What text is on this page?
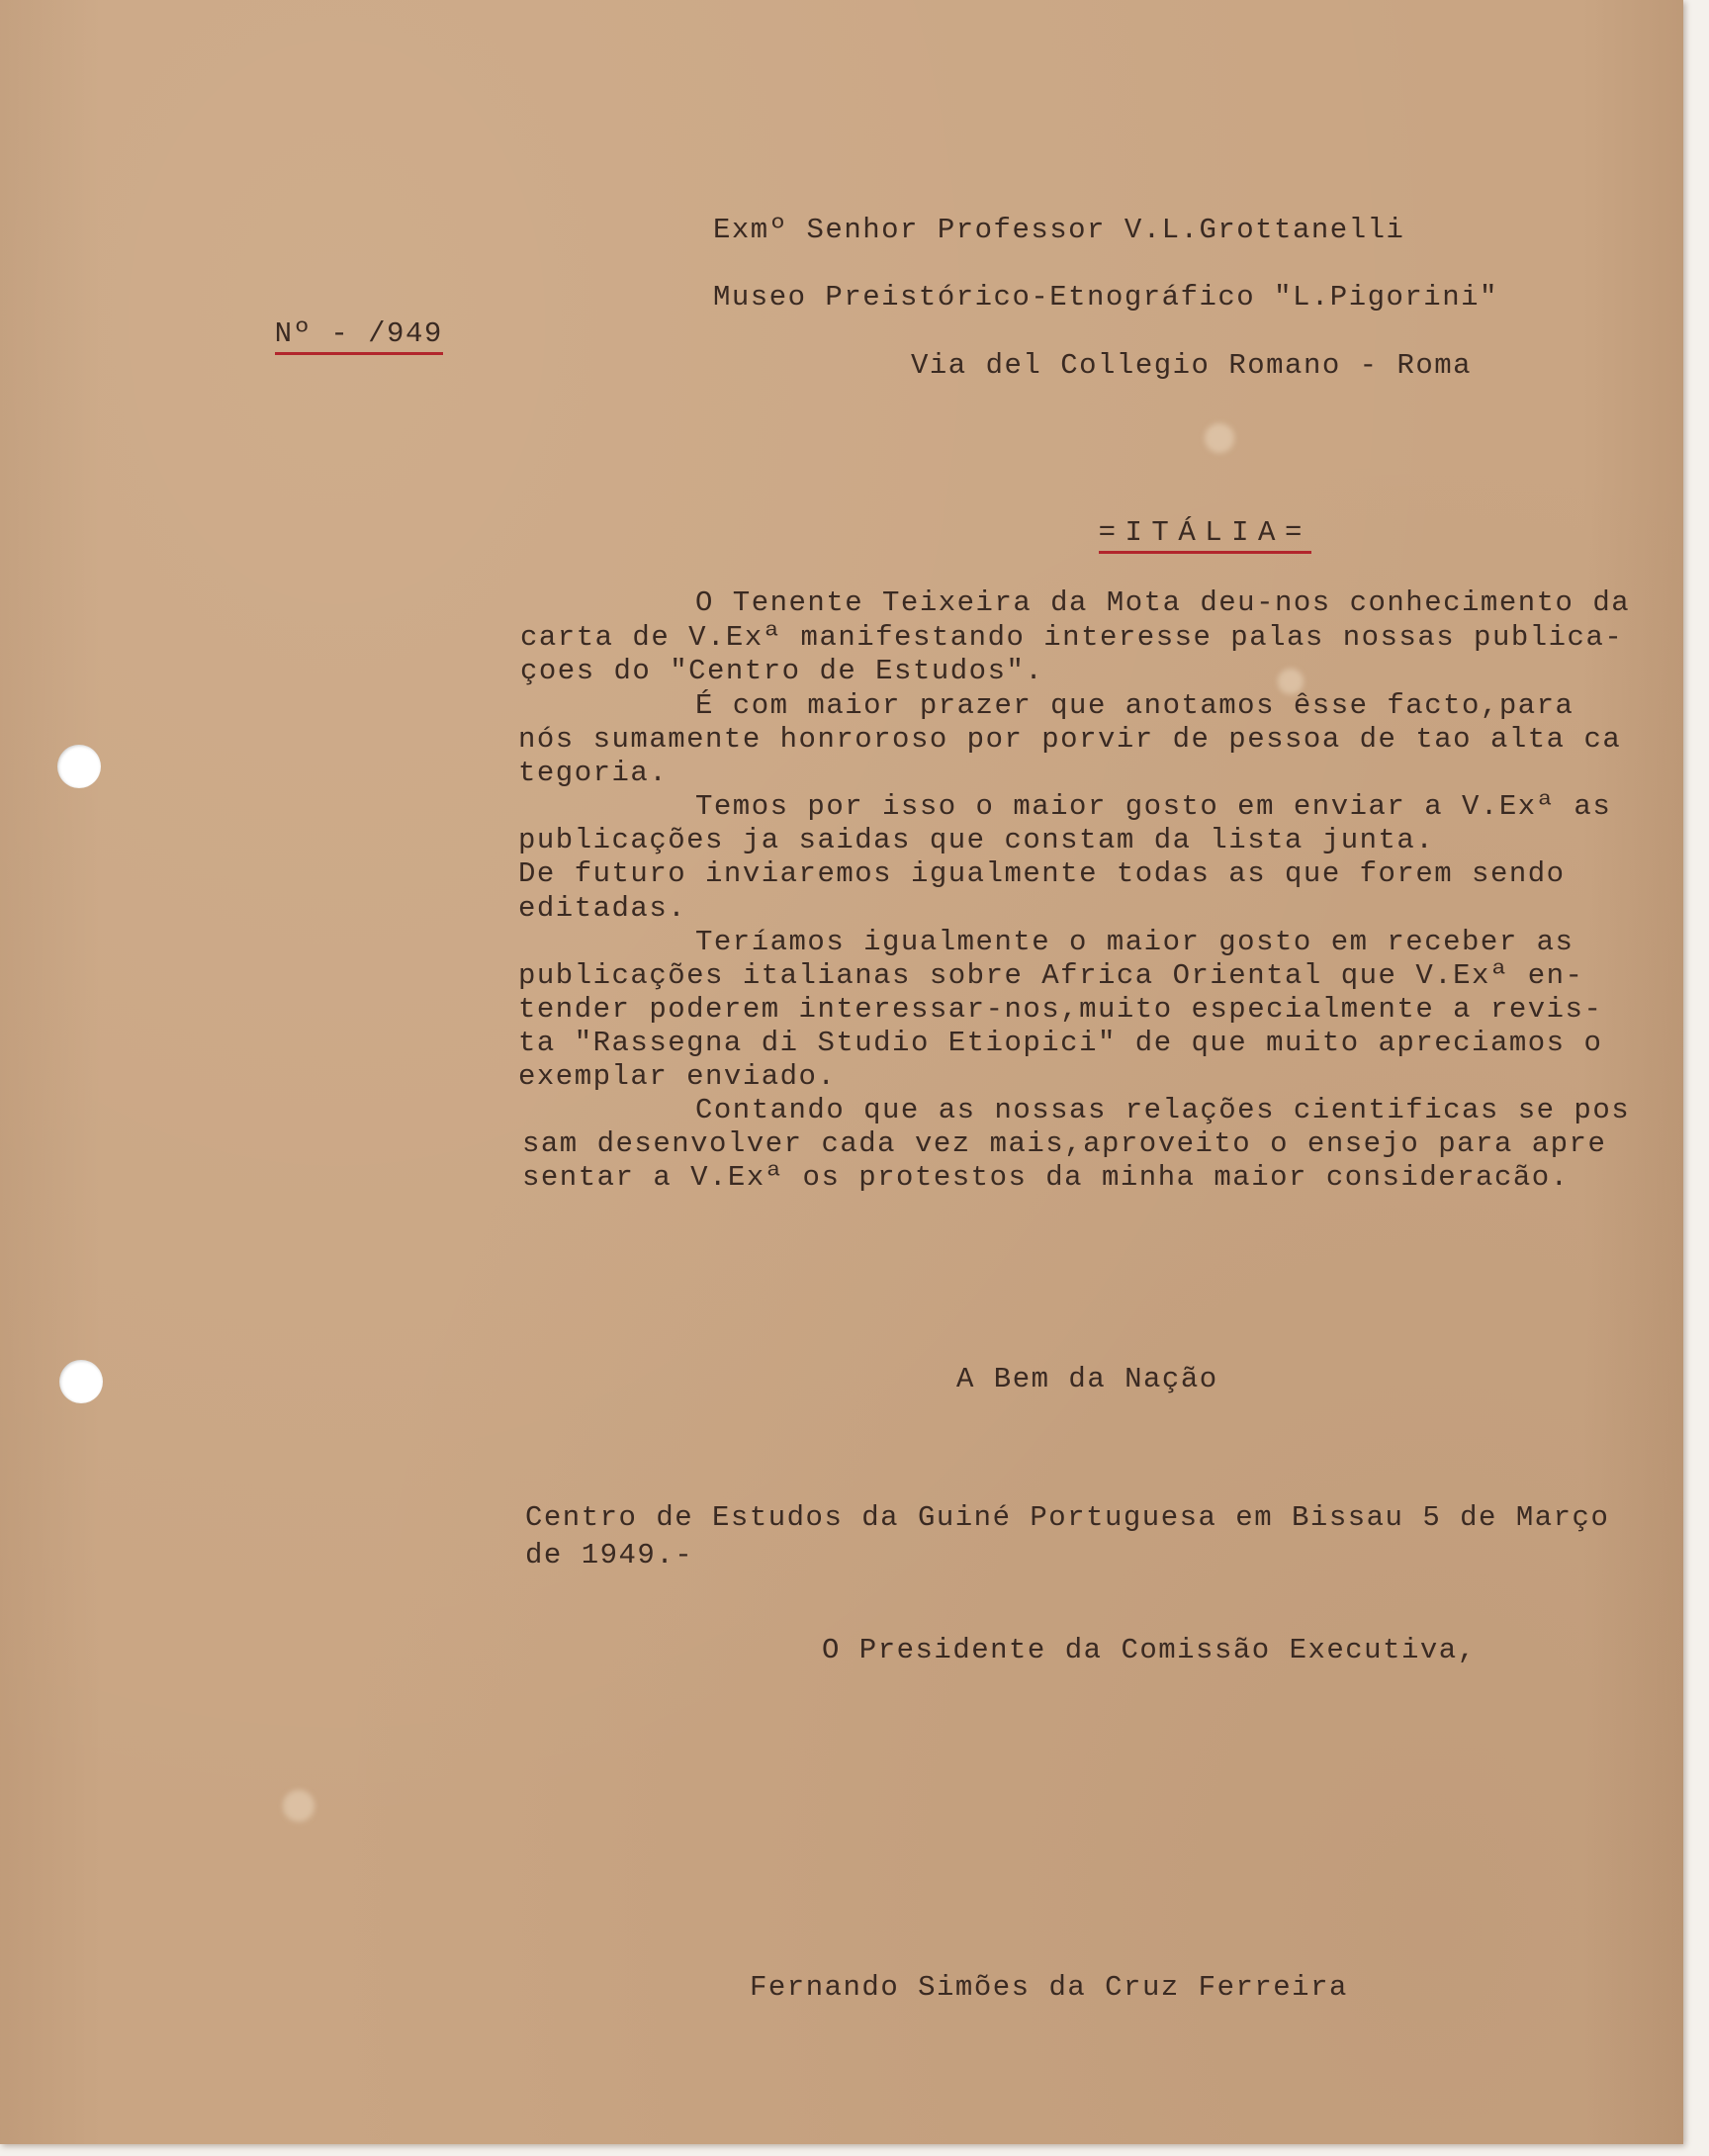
Nº - /949

Exmº Senhor Professor V.L.Grottanelli
Museo Preistórico-Etnográfico "L.Pigorini"
Via del Collegio Romano - Roma

=ITÁLIA=

O Tenente Teixeira da Mota deu-nos conhecimento da
carta de V.Exª manifestando interesse palas nossas publica-
çoes do "Centro de Estudos".
É com maior prazer que anotamos êsse facto,para
nós sumamente honroroso por porvir de pessoa de tao alta ca
tegoria.
Temos por isso o maior gosto em enviar a V.Exª as
publicações ja saidas que constam da lista junta.
De futuro inviaremos igualmente todas as que forem sendo
editadas.
Teríamos igualmente o maior gosto em receber as
publicações italianas sobre Africa Oriental que V.Exª en-
tender poderem interessar-nos,muito especialmente a revis-
ta "Rassegna di Studio Etiopici" de que muito apreciamos o
exemplar enviado.
Contando que as nossas relações cientificas se pos
sam desenvolver cada vez mais,aproveito o ensejo para apre
sentar a V.Exª os protestos da minha maior consideracão.
A Bem da Nação
Centro de Estudos da Guiné Portuguesa em Bissau 5 de Março
de 1949.-
O Presidente da Comissão Executiva,
Fernando Simões da Cruz Ferreira
